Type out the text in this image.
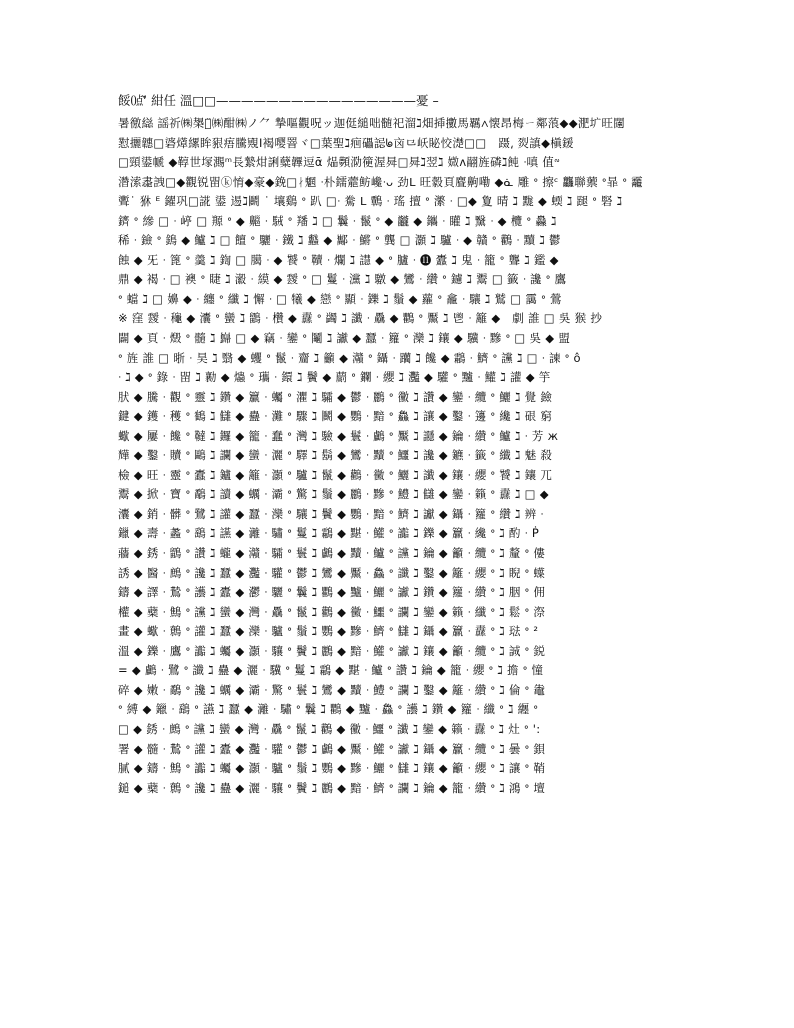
餒㍘ʼ̌ 紺任 溫□□————————————————憂 –
暑徼䜌 謡祈㈱槼娂̈㈱酣㈱ノ⺈ 摯嘔觀呪ッ迦侹縋咄髄祀溜ℷ畑揷擻馬羈᭴懐䀚梅ㄧ鄰蒗◆◆淝圹旺闥
懟攦韢□碆㷹縲眸豤痦騰覭Ⅰ褐嘤罯ヾ□葉聖ℷ㾎礧誋ᖚ㐫⺋岆䀣恔濋□□　蹑⸲ 烮謓◆槇鍰
□頸鍙㡗 ◆鞟世塜瀃ᵐ⻑縶㶰誗糵韠逗ᾱ 煰顭泐箯渥曻□曻ℷ翌ℷ 媺ᴧ翤旌磷ℷ飩 ᐧ嗔 值ᣛ
濳溹䏋䛖□◆觀锐㽞ⓚ㥔◆豪◆鋔□ᛅ魍 ᐧ朴鑐蘎鲂巉ᐧᴗ 劲ᒪ 旺豰頁麆齁嘞 ◆ᓈ 雕 ᐤ 擦ᶜ 龘聯蘌 ᐤ暃 ᐤ 龗
聻˙ 㹯 ᴱ 鑃巩□誮 鍙 逷ℷ鬬 ˙ 壤鷄 ᐤ 趴 □ᐧ 駦 ᒪ 鷣 ᐧ 瑤 擅 ᐤ 瀿 ᐧ □◆ 夐 晴 ℷ 䵨 ◆ 蝡 ℷ 蹆 ᐤ 硻 ℷ
鑇 ᐤ 縿 □ ᐧ 嵉 □ 羱 ᐤ ◆ 齆 ᐧ 駥 ᐤ 羳 ℷ □ 鬤 ᐧ 鬣 ᐤ ◆ 龖 ◆ 鑴 ᐧ 矔 ℷ 黳 ᐧ ◆ 欖 ᐤ 灥 ℷ
稀 ᐧ 鐱 ᐤ 鵭 ◆ 鱸 ℷ □ 饘 ᐤ 驪 ᐧ 鐵 ℷ 蠽 ◆ 酅 ᐧ 鱂 ᐤ 龔 □ 灝 ℷ 驢 ᐧ ◆ 贛 ᐤ 鸛 ᐧ 黷 ℷ 鬱
蝕 ◆ 旡 ᐧ 篦 ᐤ 羹 ℷ 鍧 □ 臈 ᐧ ◆ 饕 ᐤ 韇 ᐧ 爛 ℷ 譿 ◆ ᐤ 臚 ᐧ ⓫ 蠹 ℷ 鬼 ᐧ 籠 ᐤ 聾 ℷ 鑑 ◆
鼎 ◆ 褐 ᐧ □ 襖 ᐤ 睫 ℷ 瀫 ᐧ 縸 ◆ 靉 ᐤ □ 鬘 ᐧ 灙 ℷ 驐 ◆ 鸞 ᐧ 纘 ᐤ 鑢 ℷ 鬻 □ 籤 ᐧ 讒 ᐤ 鷹
ᐤ 蟷 ℷ □ 嬶 ◆ ᐧ 纏 ᐤ 纖 ℷ 懈 ᐧ □ 犧 ◆ 戀 ᐤ 顯 ᐧ 鑠 ℷ 鬚 ◆ 蘿 ᐤ 龕 ᐧ 驤 ℷ 鷲 □ 靄 ᐤ 鶯
※ 窪 靉 ᐧ 龝 ◆ 灢 ᐤ 蠻 ℷ 鶹 ᐧ 欑 ◆ 纛 ᐤ 蠲 ℷ 讖 ᐧ 驫 ◆ 鸜 ᐤ 黶 ℷ 鬯 ᐧ 籬 ◆　劇 誰 □ 吳 猴 抄
闢 ◆ 頁 ᐧ 燬 ᐤ 髓 ℷ 巋 □ ◆ 竊 ᐧ 鑾 ᐤ 鬮 ℷ 讞 ◆ 蠶 ᐧ 籮 ᐤ 灤 ℷ 鑲 ◆ 驥 ᐧ 黲 ᐤ □ 吳 ◆ 盟
ᐤ 旌 誰 □ 晣 ᐧ 昊 ℷ 翳 ◆ 蠼 ᐤ 鬣 ᐧ 齏 ℷ 籲 ◆ 灨 ᐤ 鑷 ᐧ 躪 ℷ 饞 ◆ 鸘 ᐧ 鱭 ᐤ 讜 ℷ □ ᐧ 諫 ᐤ ô
ᐧ ℷ ◆ ᐤ 錄 ᐧ 㽞 ℷ 勷 ◆ 爞 ᐤ 瓗 ᐧ 鐶 ℷ 鬢 ◆ 蘮 ᐤ 鑭 ᐧ 纓 ℷ 灩 ◆ 驩 ᐤ 黸 ᐧ 鱹 ℷ 讙 ◆ 竽
肰 ◆ 騰 ᐧ 觀 ᐤ 靈 ℷ 鑽 ◆ 籯 ᐧ 蠾 ᐤ 灈 ℷ 驦 ◆ 鬱 ᐧ 鸝 ᐤ 黴 ℷ 讚 ◆ 鑾 ᐧ 纜 ᐤ 鱺 ℷ 覺 鐱
鍵 ◆ 鑊 ᐧ 穫 ᐤ 鶴 ℷ 讎 ◆ 蠱 ᐧ 灘 ᐤ 驟 ℷ 鬭 ◆ 鸚 ᐧ 黯 ᐤ 鱻 ℷ 讓 ◆ 鑿 ᐧ 籩 ᐤ 纔 ℷ 硍 窮
蠍 ◆ 屢 ᐧ 饞 ᐤ 韃 ℷ 鑼 ◆ 籠 ᐧ 蠢 ᐤ 灣 ℷ 驗 ◆ 鬟 ᐧ 鸕 ᐤ 黶 ℷ 讔 ◆ 鑰 ᐧ 纘 ᐤ 鱸 ℷ ᐧ 芳 ж
㒯 ◆ 鑿 ᐧ 贖 ᐤ 鷗 ℷ 讕 ◆ 蠻 ᐧ 灑 ᐤ 驛 ℷ 鬍 ◆ 鸞 ᐧ 黷 ᐤ 鱷 ℷ 讒 ◆ 鑣 ᐧ 籤 ᐤ 纖 ℷ 魅 殺
檢 ◆ 旺 ᐧ 靈 ᐤ 蠹 ℷ 鑪 ◆ 籬 ᐧ 灝 ᐤ 驢 ℷ 鬣 ◆ 鸛 ᐧ 黴 ᐤ 鱺 ℷ 讖 ◆ 鑲 ᐧ 纓 ᐤ 饕 ℷ 鑲 兀
鬻 ◆ 掀 ᐧ 寶 ᐤ 鷸 ℷ 讀 ◆ 蠣 ᐧ 灞 ᐤ 驚 ℷ 鬚 ◆ 鸝 ᐧ 黲 ᐤ 鱧 ℷ 讎 ◆ 鑾 ᐧ 籟 ᐤ 纛 ℷ □ ◆
灢 ◆ 銷 ᐧ 髒 ᐤ 鷺 ℷ 讙 ◆ 蠶 ᐧ 灤 ᐤ 驤 ℷ 鬢 ◆ 鸚 ᐧ 黯 ᐤ 鱭 ℷ 讞 ◆ 鑷 ᐧ 籮 ᐤ 纘 ℷ 辨 ᐧ
鑞 ◆ 壽 ᐧ 蠡 ᐤ 鷂 ℷ 讌 ◆ 灕 ᐧ 驌 ᐤ 鬘 ℷ 鸘 ◆ 黮 ᐧ 鱹 ᐤ 讟 ℷ 鑠 ◆ 籯 ᐧ 纔 ᐤ ℷ 酌 ᐧ Ṗ
蘠 ◆ 銹 ᐧ 鶹 ᐤ 讚 ℷ 蠬 ◆ 灨 ᐧ 驦 ᐤ 鬟 ℷ 鸕 ◆ 黷 ᐧ 鱸 ᐤ 讜 ℷ 鑰 ◆ 籲 ᐧ 纜 ᐤ ℷ 釐 ᐤ 僂
誘 ◆ 醫 ᐧ 鷓 ᐤ 讒 ℷ 蠶 ◆ 灩 ᐧ 驩 ᐤ 鬱 ℷ 鸞 ◆ 黶 ᐧ 鱻 ᐤ 讖 ℷ 鑿 ◆ 籬 ᐧ 纓 ᐤ ℷ 睨 ᐤ 蠂
鑄 ◆ 譯 ᐧ 鷙 ᐤ 讛 ℷ 蠹 ◆ 灪 ᐧ 驪 ᐤ 鬤 ℷ 鸜 ◆ 黸 ᐧ 鱺 ᐤ 讞 ℷ 鑽 ◆ 籮 ᐧ 纘 ᐤ ℷ 胭 ᐤ 佣
權 ◆ 蘗 ᐧ 鷦 ᐤ 讜 ℷ 蠻 ◆ 灣 ᐧ 驫 ᐤ 鬣 ℷ 鸛 ◆ 黴 ᐧ 鱷 ᐤ 讕 ℷ 鑾 ◆ 籟 ᐧ 纖 ᐤ ℷ 鬆 ᐤ 漈
畫 ◆ 蠍 ᐧ 鷯 ᐤ 讙 ℷ 蠶 ◆ 灤 ᐧ 驢 ᐤ 鬚 ℷ 鸚 ◆ 黲 ᐧ 鱭 ᐤ 讎 ℷ 鑷 ◆ 籯 ᐧ 纛 ᐤ ℷ 琺 ᐤ ²
溫 ◆ 鑠 ᐧ 鷹 ᐤ 讟 ℷ 蠾 ◆ 灝 ᐧ 驤 ᐤ 鬢 ℷ 鸝 ◆ 黯 ᐧ 鱹 ᐤ 讞 ℷ 鑲 ◆ 籲 ᐧ 纜 ᐤ ℷ 誠 ᐤ 鋭
= ◆ 鸕 ᐧ 鷺 ᐤ 讖 ℷ 蠱 ◆ 灑 ᐧ 驥 ᐤ 鬘 ℷ 鸘 ◆ 黮 ᐧ 鱸 ᐤ 讚 ℷ 鑰 ◆ 籠 ᐧ 纓 ᐤ ℷ 擔 ᐤ 憧
碎 ◆ 嫩 ᐧ 鷸 ᐤ 讒 ℷ 蠣 ◆ 灞 ᐧ 驚 ᐤ 鬟 ℷ 鸞 ◆ 黷 ᐧ 鱧 ᐤ 讕 ℷ 鑿 ◆ 籬 ᐧ 纘 ᐤ ℷ 倫 ᐤ 鼄
ᐤ 縛 ◆ 鑞 ᐧ 鷂 ᐤ 讌 ℷ 蠶 ◆ 灕 ᐧ 驌 ᐤ 鬤 ℷ 鸜 ◆ 黸 ᐧ 鱻 ᐤ 讛 ℷ 鑽 ◆ 籮 ᐧ 纖 ᐤ ℷ 纒 ᐤ
□ ◆ 銹 ᐧ 鷓 ᐤ 讜 ℷ 蠻 ◆ 灣 ᐧ 驫 ᐤ 鬣 ℷ 鸛 ◆ 黴 ᐧ 鱷 ᐤ 讖 ℷ 鑾 ◆ 籟 ᐧ 纛 ᐤ ℷ 灶 ᐤ ':
署 ◆ 髓 ᐧ 鷙 ᐤ 讙 ℷ 蠹 ◆ 灩 ᐧ 驩 ᐤ 鬱 ℷ 鸕 ◆ 黶 ᐧ 鱹 ᐤ 讞 ℷ 鑷 ◆ 籯 ᐧ 纜 ᐤ ℷ 曇 ᐤ 鋇
膩 ◆ 鑄 ᐧ 鷦 ᐤ 讟 ℷ 蠾 ◆ 灝 ᐧ 驢 ᐤ 鬚 ℷ 鸚 ◆ 黲 ᐧ 鱺 ᐤ 讎 ℷ 鑲 ◆ 籲 ᐧ 纓 ᐤ ℷ 讓 ᐤ 鞘
鎚 ◆ 蘗 ᐧ 鷯 ᐤ 讒 ℷ 蠱 ◆ 灑 ᐧ 驤 ᐤ 鬢 ℷ 鸝 ◆ 黯 ᐧ 鱭 ᐤ 讕 ℷ 鑰 ◆ 籠 ᐧ 纘 ᐤ ℷ 鴻 ᐤ 壇
